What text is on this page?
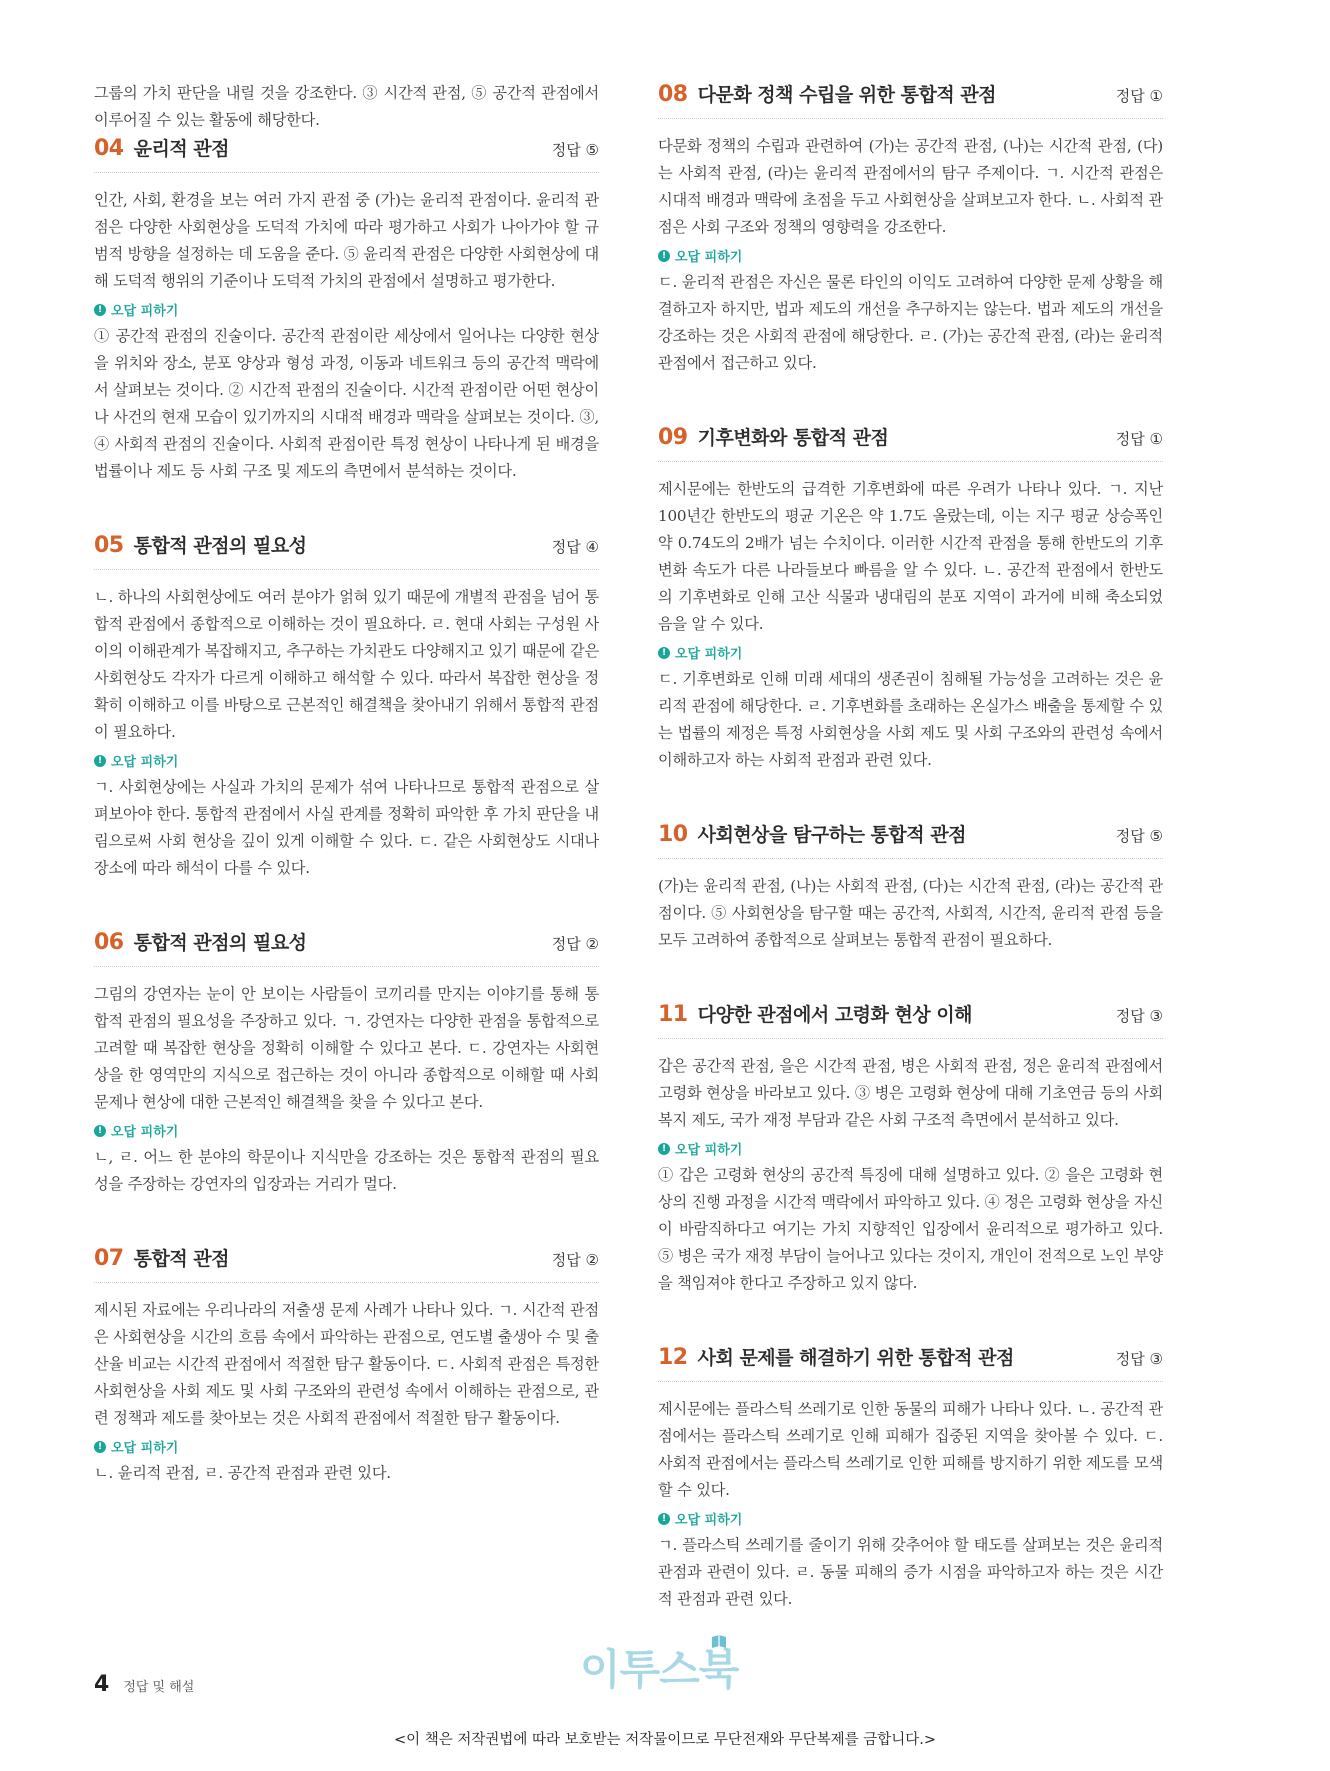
그룹의 가치 판단을 내릴 것을 강조한다. ③ 시간적 관점, ⑤ 공간적 관점에서 이루어질 수 있는 활동에 해당한다.

04 윤리적 관점	정답 ⑤

인간, 사회, 환경을 보는 여러 가지 관점 중 (가)는 윤리적 관점이다. 윤리적 관점은 다양한 사회현상을 도덕적 가치에 따라 평가하고 사회가 나아가야 할 규범적 방향을 설정하는 데 도움을 준다. ⑤ 윤리적 관점은 다양한 사회현상에 대해 도덕적 행위의 기준이나 도덕적 가치의 관점에서 설명하고 평가한다.

! 오답 피하기

① 공간적 관점의 진술이다. 공간적 관점이란 세상에서 일어나는 다양한 현상을 위치와 장소, 분포 양상과 형성 과정, 이동과 네트워크 등의 공간적 맥락에서 살펴보는 것이다. ② 시간적 관점의 진술이다. 시간적 관점이란 어떤 현상이나 사건의 현재 모습이 있기까지의 시대적 배경과 맥락을 살펴보는 것이다. ③, ④ 사회적 관점의 진술이다. 사회적 관점이란 특정 현상이 나타나게 된 배경을 법률이나 제도 등 사회 구조 및 제도의 측면에서 분석하는 것이다.

05 통합적 관점의 필요성	정답 ④

ㄴ. 하나의 사회현상에도 여러 분야가 얽혀 있기 때문에 개별적 관점을 넘어 통합적 관점에서 종합적으로 이해하는 것이 필요하다. ㄹ. 현대 사회는 구성원 사이의 이해관계가 복잡해지고, 추구하는 가치관도 다양해지고 있기 때문에 같은 사회현상도 각자가 다르게 이해하고 해석할 수 있다. 따라서 복잡한 현상을 정확히 이해하고 이를 바탕으로 근본적인 해결책을 찾아내기 위해서 통합적 관점이 필요하다.

! 오답 피하기

ㄱ. 사회현상에는 사실과 가치의 문제가 섞여 나타나므로 통합적 관점으로 살펴보아야 한다. 통합적 관점에서 사실 관계를 정확히 파악한 후 가치 판단을 내림으로써 사회 현상을 깊이 있게 이해할 수 있다. ㄷ. 같은 사회현상도 시대나 장소에 따라 해석이 다를 수 있다.

06 통합적 관점의 필요성	정답 ②

그림의 강연자는 눈이 안 보이는 사람들이 코끼리를 만지는 이야기를 통해 통합적 관점의 필요성을 주장하고 있다. ㄱ. 강연자는 다양한 관점을 통합적으로 고려할 때 복잡한 현상을 정확히 이해할 수 있다고 본다. ㄷ. 강연자는 사회현상을 한 영역만의 지식으로 접근하는 것이 아니라 종합적으로 이해할 때 사회 문제나 현상에 대한 근본적인 해결책을 찾을 수 있다고 본다.

! 오답 피하기

ㄴ, ㄹ. 어느 한 분야의 학문이나 지식만을 강조하는 것은 통합적 관점의 필요성을 주장하는 강연자의 입장과는 거리가 멀다.

07 통합적 관점	정답 ②

제시된 자료에는 우리나라의 저출생 문제 사례가 나타나 있다. ㄱ. 시간적 관점은 사회현상을 시간의 흐름 속에서 파악하는 관점으로, 연도별 출생아 수 및 출산율 비교는 시간적 관점에서 적절한 탐구 활동이다. ㄷ. 사회적 관점은 특정한 사회현상을 사회 제도 및 사회 구조와의 관련성 속에서 이해하는 관점으로, 관련 정책과 제도를 찾아보는 것은 사회적 관점에서 적절한 탐구 활동이다.

! 오답 피하기

ㄴ. 윤리적 관점, ㄹ. 공간적 관점과 관련 있다.

08 다문화 정책 수립을 위한 통합적 관점	정답 ①

다문화 정책의 수립과 관련하여 (가)는 공간적 관점, (나)는 시간적 관점, (다)는 사회적 관점, (라)는 윤리적 관점에서의 탐구 주제이다. ㄱ. 시간적 관점은 시대적 배경과 맥락에 초점을 두고 사회현상을 살펴보고자 한다. ㄴ. 사회적 관점은 사회 구조와 정책의 영향력을 강조한다.

! 오답 피하기

ㄷ. 윤리적 관점은 자신은 물론 타인의 이익도 고려하여 다양한 문제 상황을 해결하고자 하지만, 법과 제도의 개선을 추구하지는 않는다. 법과 제도의 개선을 강조하는 것은 사회적 관점에 해당한다. ㄹ. (가)는 공간적 관점, (라)는 윤리적 관점에서 접근하고 있다.

09 기후변화와 통합적 관점	정답 ①

제시문에는 한반도의 급격한 기후변화에 따른 우려가 나타나 있다. ㄱ. 지난 100년간 한반도의 평균 기온은 약 1.7도 올랐는데, 이는 지구 평균 상승폭인 약 0.74도의 2배가 넘는 수치이다. 이러한 시간적 관점을 통해 한반도의 기후변화 속도가 다른 나라들보다 빠름을 알 수 있다. ㄴ. 공간적 관점에서 한반도의 기후변화로 인해 고산 식물과 냉대림의 분포 지역이 과거에 비해 축소되었음을 알 수 있다.

! 오답 피하기

ㄷ. 기후변화로 인해 미래 세대의 생존권이 침해될 가능성을 고려하는 것은 윤리적 관점에 해당한다. ㄹ. 기후변화를 초래하는 온실가스 배출을 통제할 수 있는 법률의 제정은 특정 사회현상을 사회 제도 및 사회 구조와의 관련성 속에서 이해하고자 하는 사회적 관점과 관련 있다.

10 사회현상을 탐구하는 통합적 관점	정답 ⑤

(가)는 윤리적 관점, (나)는 사회적 관점, (다)는 시간적 관점, (라)는 공간적 관점이다. ⑤ 사회현상을 탐구할 때는 공간적, 사회적, 시간적, 윤리적 관점 등을 모두 고려하여 종합적으로 살펴보는 통합적 관점이 필요하다.

11 다양한 관점에서 고령화 현상 이해	정답 ③

갑은 공간적 관점, 을은 시간적 관점, 병은 사회적 관점, 정은 윤리적 관점에서 고령화 현상을 바라보고 있다. ③ 병은 고령화 현상에 대해 기초연금 등의 사회 복지 제도, 국가 재정 부담과 같은 사회 구조적 측면에서 분석하고 있다.

! 오답 피하기

① 갑은 고령화 현상의 공간적 특징에 대해 설명하고 있다. ② 을은 고령화 현상의 진행 과정을 시간적 맥락에서 파악하고 있다. ④ 정은 고령화 현상을 자신이 바람직하다고 여기는 가치 지향적인 입장에서 윤리적으로 평가하고 있다. ⑤ 병은 국가 재정 부담이 늘어나고 있다는 것이지, 개인이 전적으로 노인 부양을 책임져야 한다고 주장하고 있지 않다.

12 사회 문제를 해결하기 위한 통합적 관점	정답 ③

제시문에는 플라스틱 쓰레기로 인한 동물의 피해가 나타나 있다. ㄴ. 공간적 관점에서는 플라스틱 쓰레기로 인해 피해가 집중된 지역을 찾아볼 수 있다. ㄷ. 사회적 관점에서는 플라스틱 쓰레기로 인한 피해를 방지하기 위한 제도를 모색할 수 있다.

! 오답 피하기

ㄱ. 플라스틱 쓰레기를 줄이기 위해 갖추어야 할 태도를 살펴보는 것은 윤리적 관점과 관련이 있다. ㄹ. 동물 피해의 증가 시점을 파악하고자 하는 것은 시간적 관점과 관련 있다.

4 정답 및 해설	이투스북
<이 책은 저작권법에 따라 보호받는 저작물이므로 무단전재와 무단복제를 금합니다.>
